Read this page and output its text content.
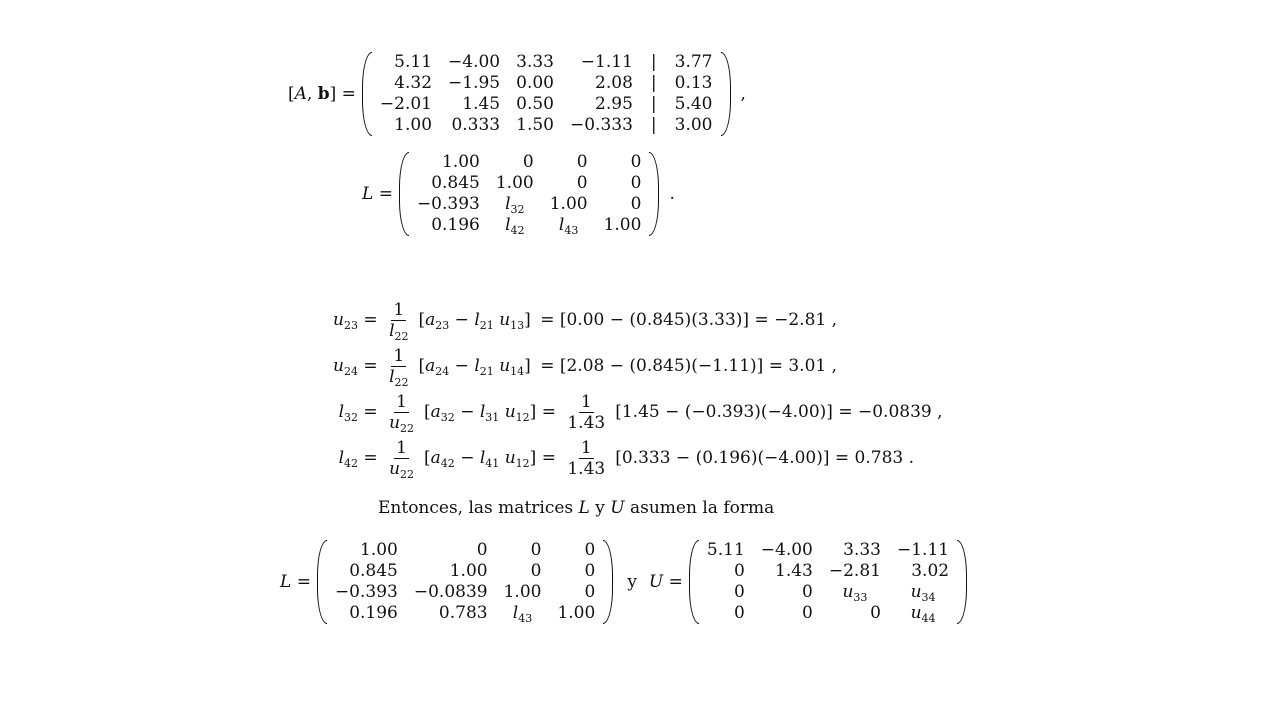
[A, b] =
5.11	−4.00	3.33	−1.11	|	3.77
4.32	−1.95	0.00	2.08	|	0.13
−2.01	1.45	0.50	2.95	|	5.40
1.00	0.333	1.50	−0.333	|	3.00
,
L =
1.00	0	0	0
0.845	1.00	0	0
−0.393	$l_{32}$	1.00	0
0.196	$l_{42}$	$l_{43}$	1.00
.
$u_{23} = \frac{1}{l_{22}} [a_{23} - l_{21}$ $u_{13}$]
= [0.00 − (0.845)(3.33)] = −2.81 ,
$u_{24} = \frac{1}{l_{22}} [a_{24} - l_{21}$ $u_{14}$]
= [2.08 − (0.845)(−1.11)] = 3.01 ,
$l_{32} = \frac{1}{u_{22}} [a_{32} - l_{31}$ $u_{12}] = \frac{1}{1.43} [1.45 - (-0.393)(-4.00)] = -0.0839$ ,
$l_{42} = \frac{1}{u_{22}} [a_{42} - l_{41}$ $u_{12}] = \frac{1}{1.43} [0.333 - (0.196)(-4.00)] = 0.783$ .
Entonces, las matrices L y U asumen la forma
L =
1.00	0	0	0
0.845	1.00	0	0
−0.393	−0.0839	1.00	0
0.196	0.783	$l_{43}$	1.00
y U =
5.11	−4.00	3.33	−1.11
0	1.43	−2.81	3.02
0	0	$u_{33}$	$u_{34}$
0	0	0	$u_{44}$
